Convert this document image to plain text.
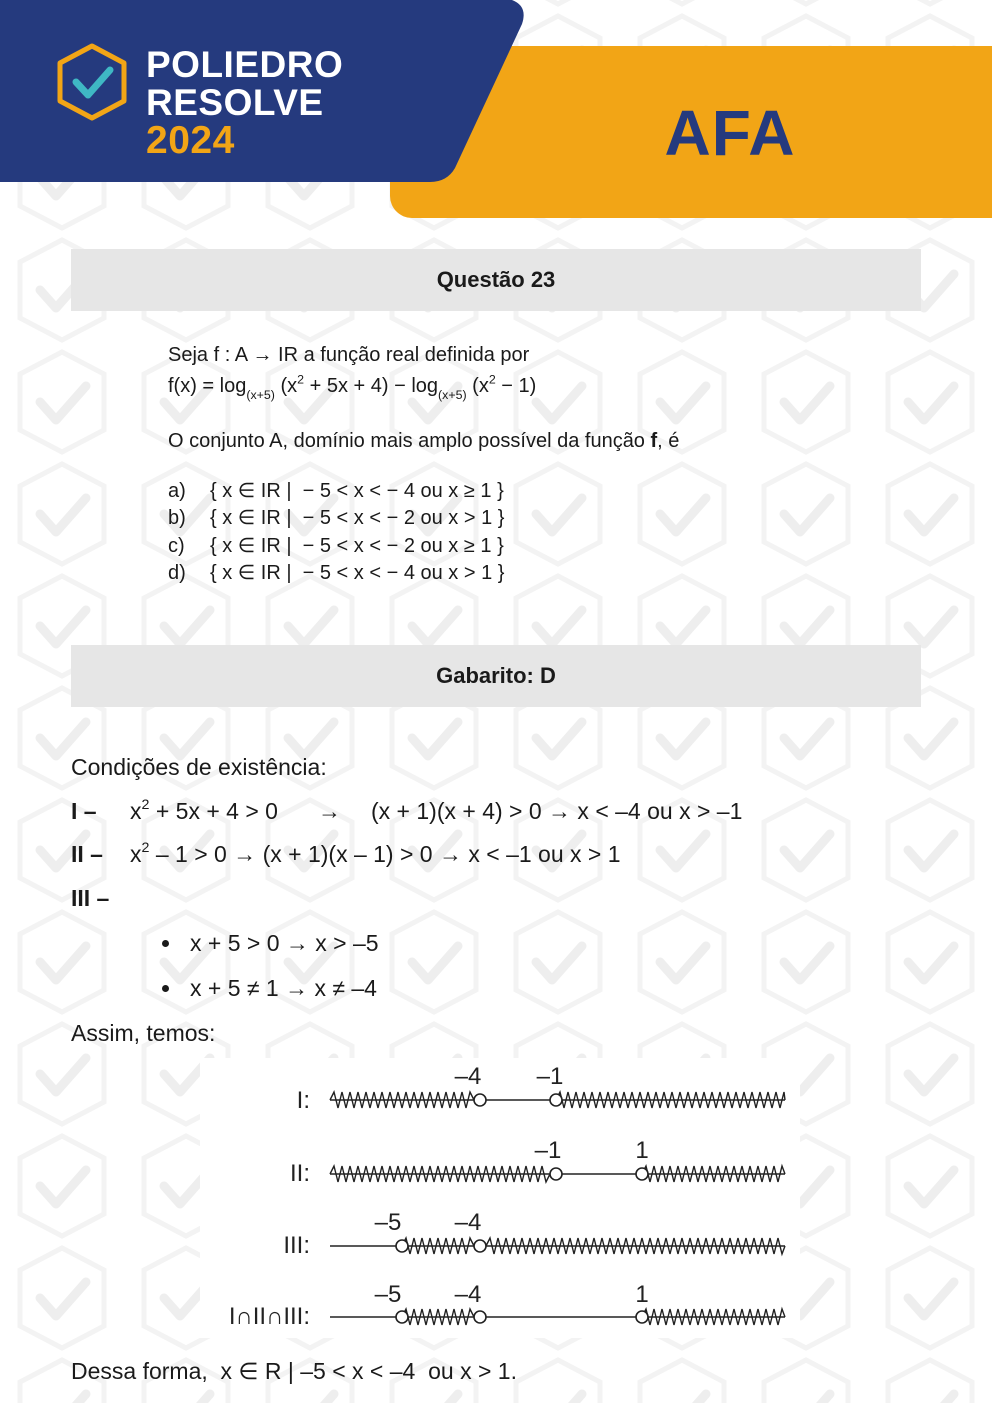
POLIEDRO
RESOLVE
2024	AFA
Questão 23
Seja f : A → IR a função real definida por
$f(x) = \log_{(x+5)} (x^2 + 5x + 4) - \log_{(x+5)} (x^2 - 1)$
O conjunto A, domínio mais amplo possível da função f, é
a) { x ∈ IR |  − 5 < x < − 4 ou x ≥ 1 }
b) { x ∈ IR |  − 5 < x < − 2 ou x > 1 }
c) { x ∈ IR |  − 5 < x < − 2 ou x ≥ 1 }
d) { x ∈ IR |  − 5 < x < − 4 ou x > 1 }
Gabarito: D
Condições de existência:
$I - x^2 + 5x + 4 > 0 \to (x + 1)(x + 4) > 0 \to x < -4$ ou x > –1
II – $x^2 - 1 > 0 \to (x + 1)(x - 1) > 0 \to x < -1$ ou x > 1
III –
x + 5 > 0 → x > –5
x + 5 ≠ 1 → x ≠ –4
Assim, temos:
I:
II:
III:
I∩II∩III:
–4 –1
–1	1
–5 –4
–5 –4	1
Dessa forma,  x ∈ R | –5 < x < –4  ou x > 1.
